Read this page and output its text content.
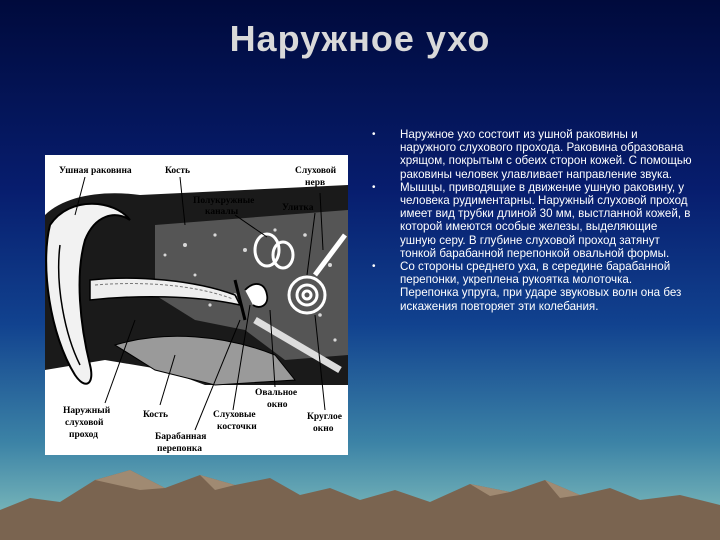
Наружное ухо
Ушная раковина	Кость	Слуховой
нерв
Полукружные
каналы	Улитка
Наружный
слуховой
проход
Кость	Слуховые
косточки
Овальное
окно
Круглое
окно
Барабанная
перепонка
• Наружное ухо состоит из ушной раковины и наружного слухового прохода. Раковина образована хрящом, покрытым с обеих сторон кожей. С помощью раковины человек улавливает направление звука.
• Мышцы, приводящие в движение ушную раковину, у человека рудиментарны. Наружный слуховой проход имеет вид трубки длиной 30 мм, выстланной кожей, в которой имеются особые железы, выделяющие ушную серу. В глубине слуховой проход затянут тонкой барабанной перепонкой овальной формы.
• Со стороны среднего уха, в середине барабанной перепонки, укреплена рукоятка молоточка. Перепонка упруга, при ударе звуковых волн она без искажения повторяет эти колебания.
